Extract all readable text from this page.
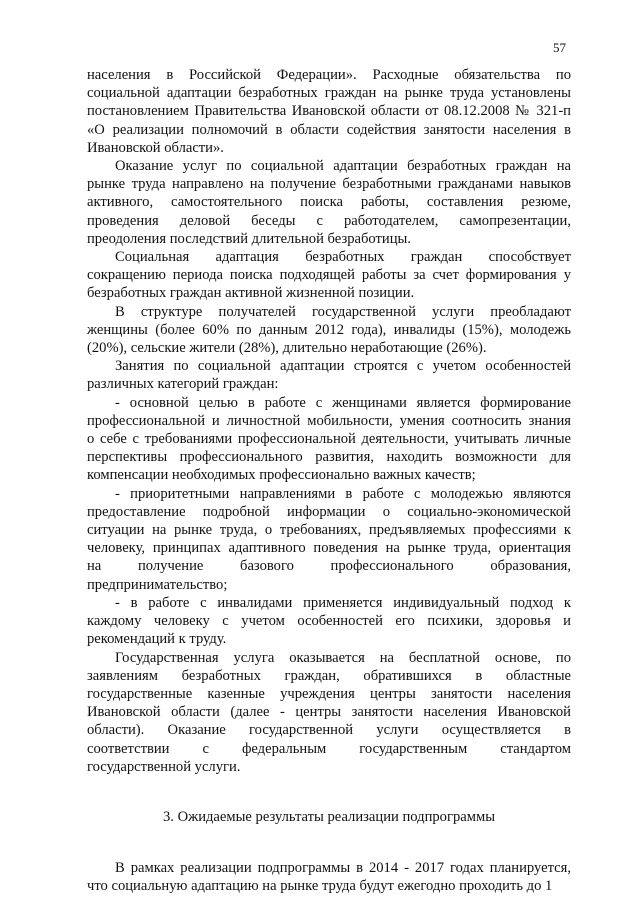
57
населения в Российской Федерации». Расходные обязательства по
социальной адаптации безработных граждан на рынке труда установлены
постановлением Правительства Ивановской области от 08.12.2008 № 321-п
«О реализации полномочий в области содействия занятости населения в
Ивановской области».
Оказание услуг по социальной адаптации безработных граждан на
рынке труда направлено на получение безработными гражданами навыков
активного, самостоятельного поиска работы, составления резюме,
проведения деловой беседы с работодателем, самопрезентации,
преодоления последствий длительной безработицы.
Социальная адаптация безработных граждан способствует
сокращению периода поиска подходящей работы за счет формирования у
безработных граждан активной жизненной позиции.
В структуре получателей государственной услуги преобладают
женщины (более 60% по данным 2012 года), инвалиды (15%), молодежь
(20%), сельские жители (28%), длительно неработающие (26%).
Занятия по социальной адаптации строятся с учетом особенностей
различных категорий граждан:
- основной целью в работе с женщинами является формирование
профессиональной и личностной мобильности, умения соотносить знания
о себе с требованиями профессиональной деятельности, учитывать личные
перспективы профессионального развития, находить возможности для
компенсации необходимых профессионально важных качеств;
- приоритетными направлениями в работе с молодежью являются
предоставление подробной информации о социально-экономической
ситуации на рынке труда, о требованиях, предъявляемых профессиями к
человеку, принципах адаптивного поведения на рынке труда, ориентация
на получение базового профессионального образования,
предпринимательство;
- в работе с инвалидами применяется индивидуальный подход к
каждому человеку с учетом особенностей его психики, здоровья и
рекомендаций к труду.
Государственная услуга оказывается на бесплатной основе, по
заявлениям безработных граждан, обратившихся в областные
государственные казенные учреждения центры занятости населения
Ивановской области (далее - центры занятости населения Ивановской
области). Оказание государственной услуги осуществляется в
соответствии с федеральным государственным стандартом
государственной услуги.
3. Ожидаемые результаты реализации подпрограммы
В рамках реализации подпрограммы в 2014 - 2017 годах планируется,
что социальную адаптацию на рынке труда будут ежегодно проходить до 1
